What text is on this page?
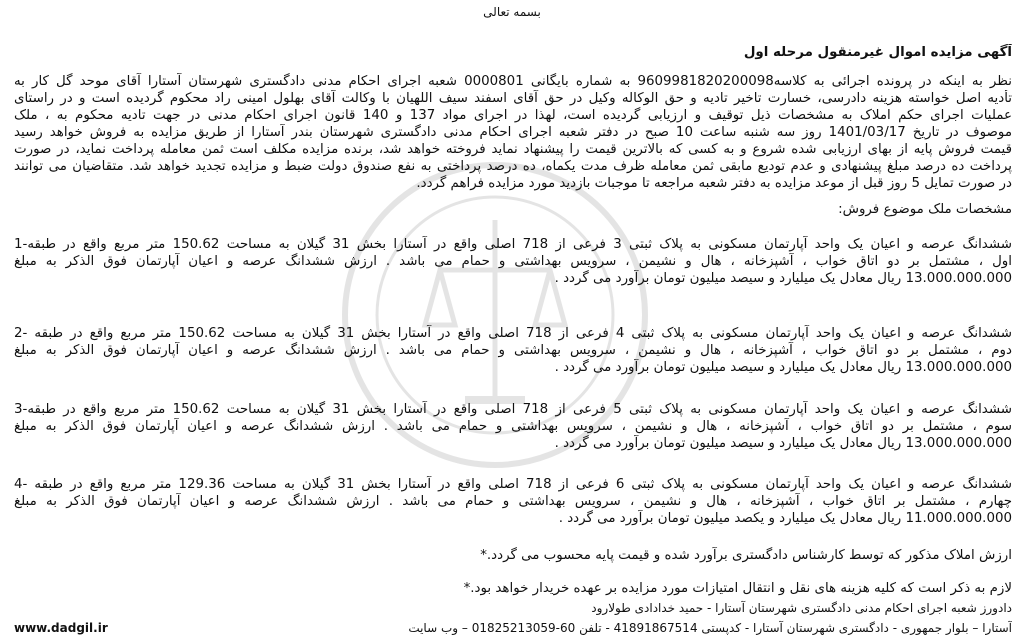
بسمه تعالی
آگهی مزایده اموال غیرمنقول مرحله اول
نظر به اینکه در پرونده اجرائی به کلاسه9609981820200098 به شماره بایگانی 0000801 شعبه اجرای احکام مدنی دادگستری شهرستان آستارا آقای موحد گل کار به
تأدیه اصل خواسته هزینه دادرسی، خسارت تاخیر تادیه و حق الوکاله وکیل در حق آقای اسفند سیف اللهیان با وکالت آقای بهلول امینی راد محکوم گردیده است و در راستای
عملیات اجرای حکم املاک به مشخصات ذیل توقیف و ارزیابی گردیده است، لهذا در اجرای مواد 137 و 140 قانون اجرای احکام مدنی در جهت تادیه محکوم به ، ملک
موصوف در تاریخ 1401/03/17 روز سه شنبه ساعت 10 صبح در دفتر شعبه اجرای احکام مدنی دادگستری شهرستان بندر آستارا از طریق مزایده به فروش خواهد رسید
قیمت فروش پایه از بهای ارزیابی شده شروع و به کسی که بالاترین قیمت را پیشنهاد نماید فروخته خواهد شد، برنده مزایده مکلف است ثمن معامله پرداخت نماید، در صورت
پرداخت ده درصد مبلغ پیشنهادی و عدم تودیع مابقی ثمن معامله ظرف مدت یکماه، ده درصد پرداختی به نفع صندوق دولت ضبط و مزایده تجدید خواهد شد. متقاضیان می توانند
در صورت تمایل 5 روز قبل از موعد مزایده به دفتر شعبه مراجعه تا موجبات بازدید مورد مزایده فراهم گردد.
مشخصات ملک موضوع فروش:
ششدانگ عرصه و اعیان یک واحد آپارتمان مسکونی به پلاک ثبتی 3 فرعی از 718 اصلی واقع در آستارا بخش 31 گیلان به مساحت 150.62 متر مربع واقع در طبقه-1
اول ، مشتمل بر دو اتاق خواب ، آشپزخانه ، هال و نشیمن ، سرویس بهداشتی و حمام می باشد . ارزش ششدانگ عرصه و اعیان آپارتمان فوق الذکر به مبلغ
13.000.000.000 ریال معادل یک میلیارد و سیصد میلیون تومان برآورد می گردد .
ششدانگ عرصه و اعیان یک واحد آپارتمان مسکونی به پلاک ثبتی 4 فرعی از 718 اصلی واقع در آستارا بخش 31 گیلان به مساحت 150.62 متر مربع واقع در طبقه -2
دوم ، مشتمل بر دو اتاق خواب ، آشپزخانه ، هال و نشیمن ، سرویس بهداشتی و حمام می باشد . ارزش ششدانگ عرصه و اعیان آپارتمان فوق الذکر به مبلغ
13.000.000.000 ریال معادل یک میلیارد و سیصد میلیون تومان برآورد می گردد .
ششدانگ عرصه و اعیان یک واحد آپارتمان مسکونی به پلاک ثبتی 5 فرعی از 718 اصلی واقع در آستارا بخش 31 گیلان به مساحت 150.62 متر مربع واقع در طبقه-3
سوم ، مشتمل بر دو اتاق خواب ، آشپزخانه ، هال و نشیمن ، سرویس بهداشتی و حمام می باشد . ارزش ششدانگ عرصه و اعیان آپارتمان فوق الذکر به مبلغ
13.000.000.000 ریال معادل یک میلیارد و سیصد میلیون تومان برآورد می گردد .
ششدانگ عرصه و اعیان یک واحد آپارتمان مسکونی به پلاک ثبتی 6 فرعی از 718 اصلی واقع در آستارا بخش 31 گیلان به مساحت 129.36 متر مربع واقع در طبقه -4
چهارم ، مشتمل بر اتاق خواب ، آشپزخانه ، هال و نشیمن ، سرویس بهداشتی و حمام می باشد . ارزش ششدانگ عرصه و اعیان آپارتمان فوق الذکر به مبلغ
11.000.000.000 ریال معادل یک میلیارد و یکصد میلیون تومان برآورد می گردد .
ارزش املاک مذکور که توسط کارشناس دادگستری برآورد شده و قیمت پایه محسوب می گردد.*
لازم به ذکر است که کلیه هزینه های نقل و انتقال امتیازات مورد مزایده بر عهده خریدار خواهد بود.*
دادورز شعبه اجرای احکام مدنی دادگستری شهرستان آستارا - حمید خدادادی طولارود
آستارا – بلوار جمهوری - دادگستری شهرستان آستارا - کدپستی 41891867514 - تلفن 60-01825213059 – وب سایت
www.dadgil.ir
